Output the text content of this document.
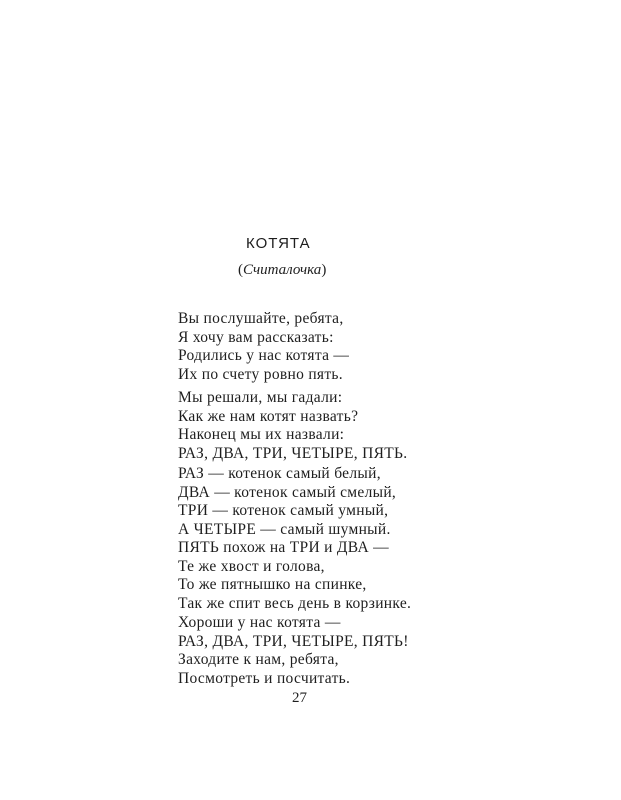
КОТЯТА
(Считалочка)
Вы послушайте, ребята,
Я хочу вам рассказать:
Родились у нас котята —
Их по счету ровно пять.
Мы решали, мы гадали:
Как же нам котят назвать?
Наконец мы их назвали:
РАЗ, ДВА, ТРИ, ЧЕТЫРЕ, ПЯТЬ.
РАЗ — котенок самый белый,
ДВА — котенок самый смелый,
ТРИ — котенок самый умный,
А ЧЕТЫРЕ — самый шумный.
ПЯТЬ похож на ТРИ и ДВА —
Те же хвост и голова,
То же пятнышко на спинке,
Так же спит весь день в корзинке.
Хороши у нас котята —
РАЗ, ДВА, ТРИ, ЧЕТЫРЕ, ПЯТЬ!
Заходите к нам, ребята,
Посмотреть и посчитать.
27
